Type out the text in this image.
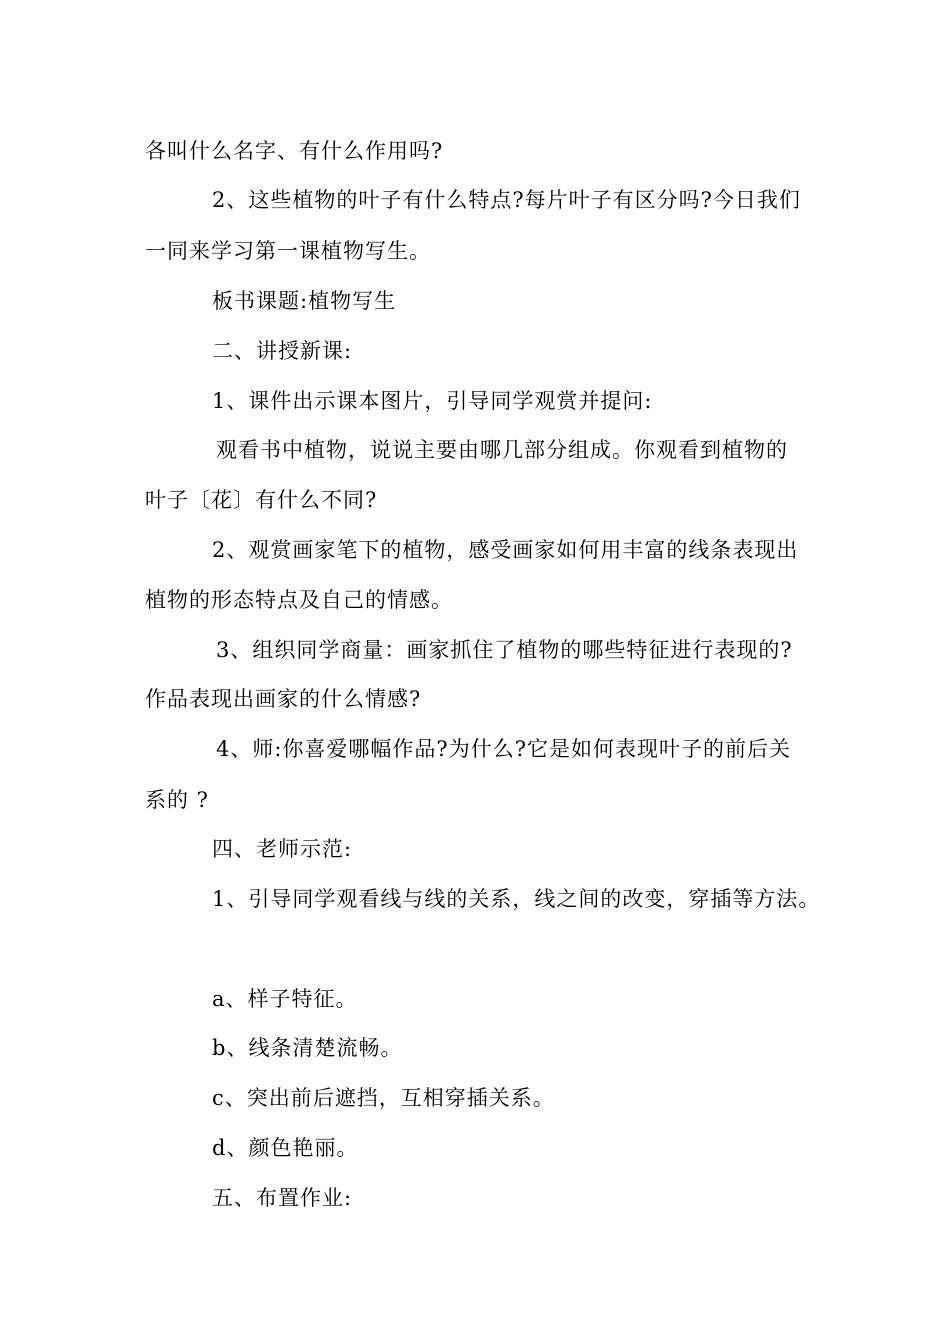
各叫什么名字、有什么作用吗?
2、这些植物的叶子有什么特点?每片叶子有区分吗?今日我们
一同来学习第一课植物写生。
板书课题:植物写生
二、讲授新课:
1、课件出示课本图片，引导同学观赏并提问:
观看书中植物，说说主要由哪几部分组成。你观看到植物的
叶子〔花〕有什么不同?
2、观赏画家笔下的植物，感受画家如何用丰富的线条表现出
植物的形态特点及自己的情感。
3、组织同学商量：画家抓住了植物的哪些特征进行表现的?
作品表现出画家的什么情感?
4、师:你喜爱哪幅作品?为什么?它是如何表现叶子的前后关
系的 ?
四、老师示范:
1、引导同学观看线与线的关系，线之间的改变，穿插等方法。
a、样子特征。
b、线条清楚流畅。
c、突出前后遮挡，互相穿插关系。
d、颜色艳丽。
五、布置作业:
